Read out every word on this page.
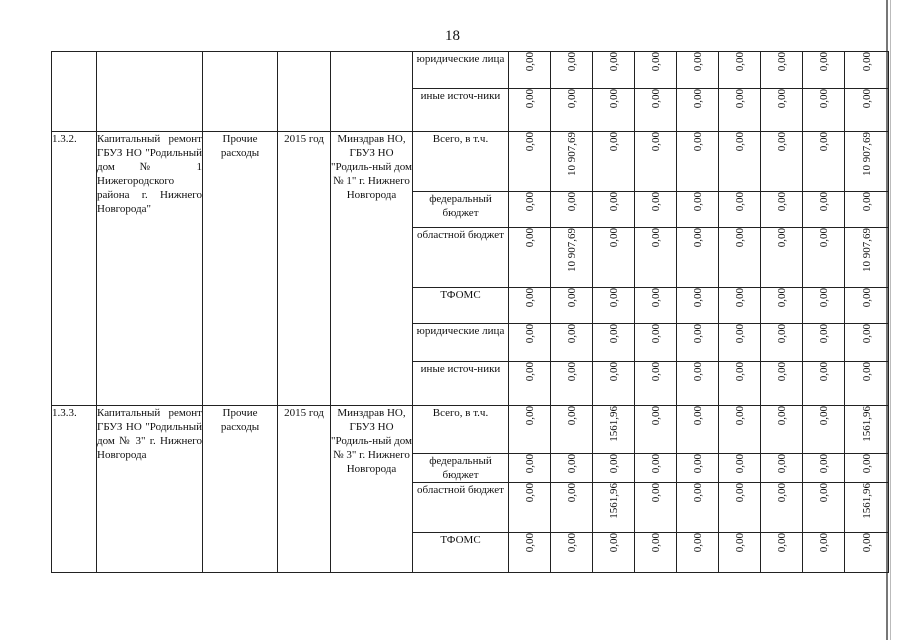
18
					юридические лица	0,00	0,00	0,00	0,00	0,00	0,00	0,00	0,00	0,00
					иные источ-ники	0,00	0,00	0,00	0,00	0,00	0,00	0,00	0,00	0,00
1.3.2.	Капитальный ремонт ГБУЗ НО "Родильный дом № 1 Нижегородского района г. Нижнего Новгорода"	Прочие расходы	2015 год	Минздрав НО, ГБУЗ НО "Родиль-ный дом № 1" г. Нижнего Новгорода	Всего, в т.ч.	0,00	10 907,69	0,00	0,00	0,00	0,00	0,00	0,00	10 907,69
					федеральный бюджет	0,00	0,00	0,00	0,00	0,00	0,00	0,00	0,00	0,00
					областной бюджет	0,00	10 907,69	0,00	0,00	0,00	0,00	0,00	0,00	10 907,69
					ТФОМС	0,00	0,00	0,00	0,00	0,00	0,00	0,00	0,00	0,00
					юридические лица	0,00	0,00	0,00	0,00	0,00	0,00	0,00	0,00	0,00
					иные источ-ники	0,00	0,00	0,00	0,00	0,00	0,00	0,00	0,00	0,00
1.3.3.	Капитальный ремонт ГБУЗ НО "Родильный дом № 3" г. Нижнего Новгорода	Прочие расходы	2015 год	Минздрав НО, ГБУЗ НО "Родиль-ный дом № 3" г. Нижнего Новгорода	Всего, в т.ч.	0,00	0,00	1561,96	0,00	0,00	0,00	0,00	0,00	1561,96
					федеральный бюджет	0,00	0,00	0,00	0,00	0,00	0,00	0,00	0,00	0,00
					областной бюджет	0,00	0,00	1561,96	0,00	0,00	0,00	0,00	0,00	1561,96
					ТФОМС	0,00	0,00	0,00	0,00	0,00	0,00	0,00	0,00	0,00
